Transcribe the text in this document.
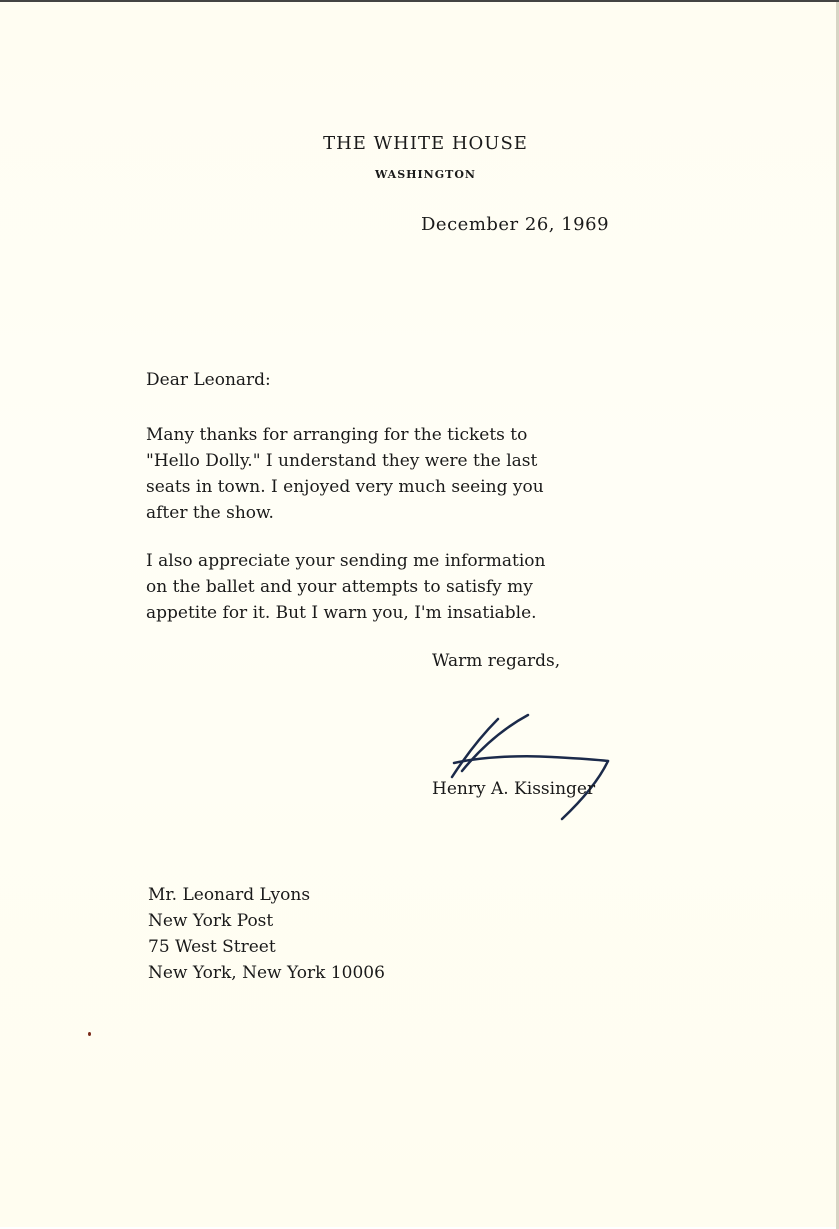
THE WHITE HOUSE
WASHINGTON
December 26, 1969
Dear Leonard:
Many thanks for arranging for the tickets to
"Hello Dolly." I understand they were the last
seats in town. I enjoyed very much seeing you
after the show.
I also appreciate your sending me information
on the ballet and your attempts to satisfy my
appetite for it. But I warn you, I'm insatiable.
Warm regards,
Henry A. Kissinger
Mr. Leonard Lyons
New York Post
75 West Street
New York, New York 10006
